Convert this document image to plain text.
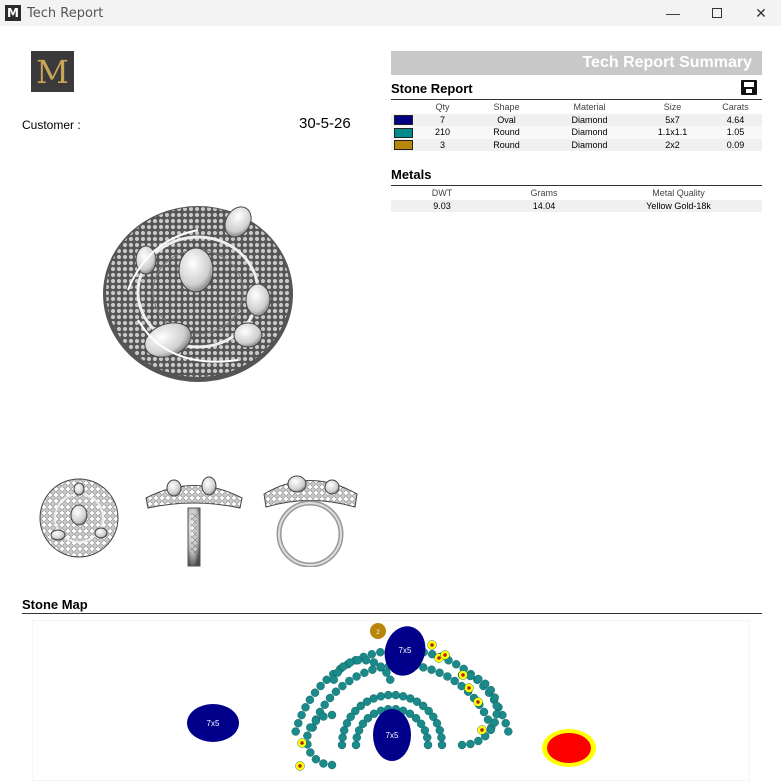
M Tech Report	—	✕
M
Customer :	30-5-26
Tech Report Summary
Stone Report
	Qty	Shape	Material	Size	Carats
	7	Oval	Diamond	5x7	4.64
	210	Round	Diamond	1.1x1.1	1.05
	3	Round	Diamond	2x2	0.09
Metals
DWT	Grams	Metal Quality
9.03	14.04	Yellow Gold-18k
Stone Map
7x5
7x5
7x5
2
